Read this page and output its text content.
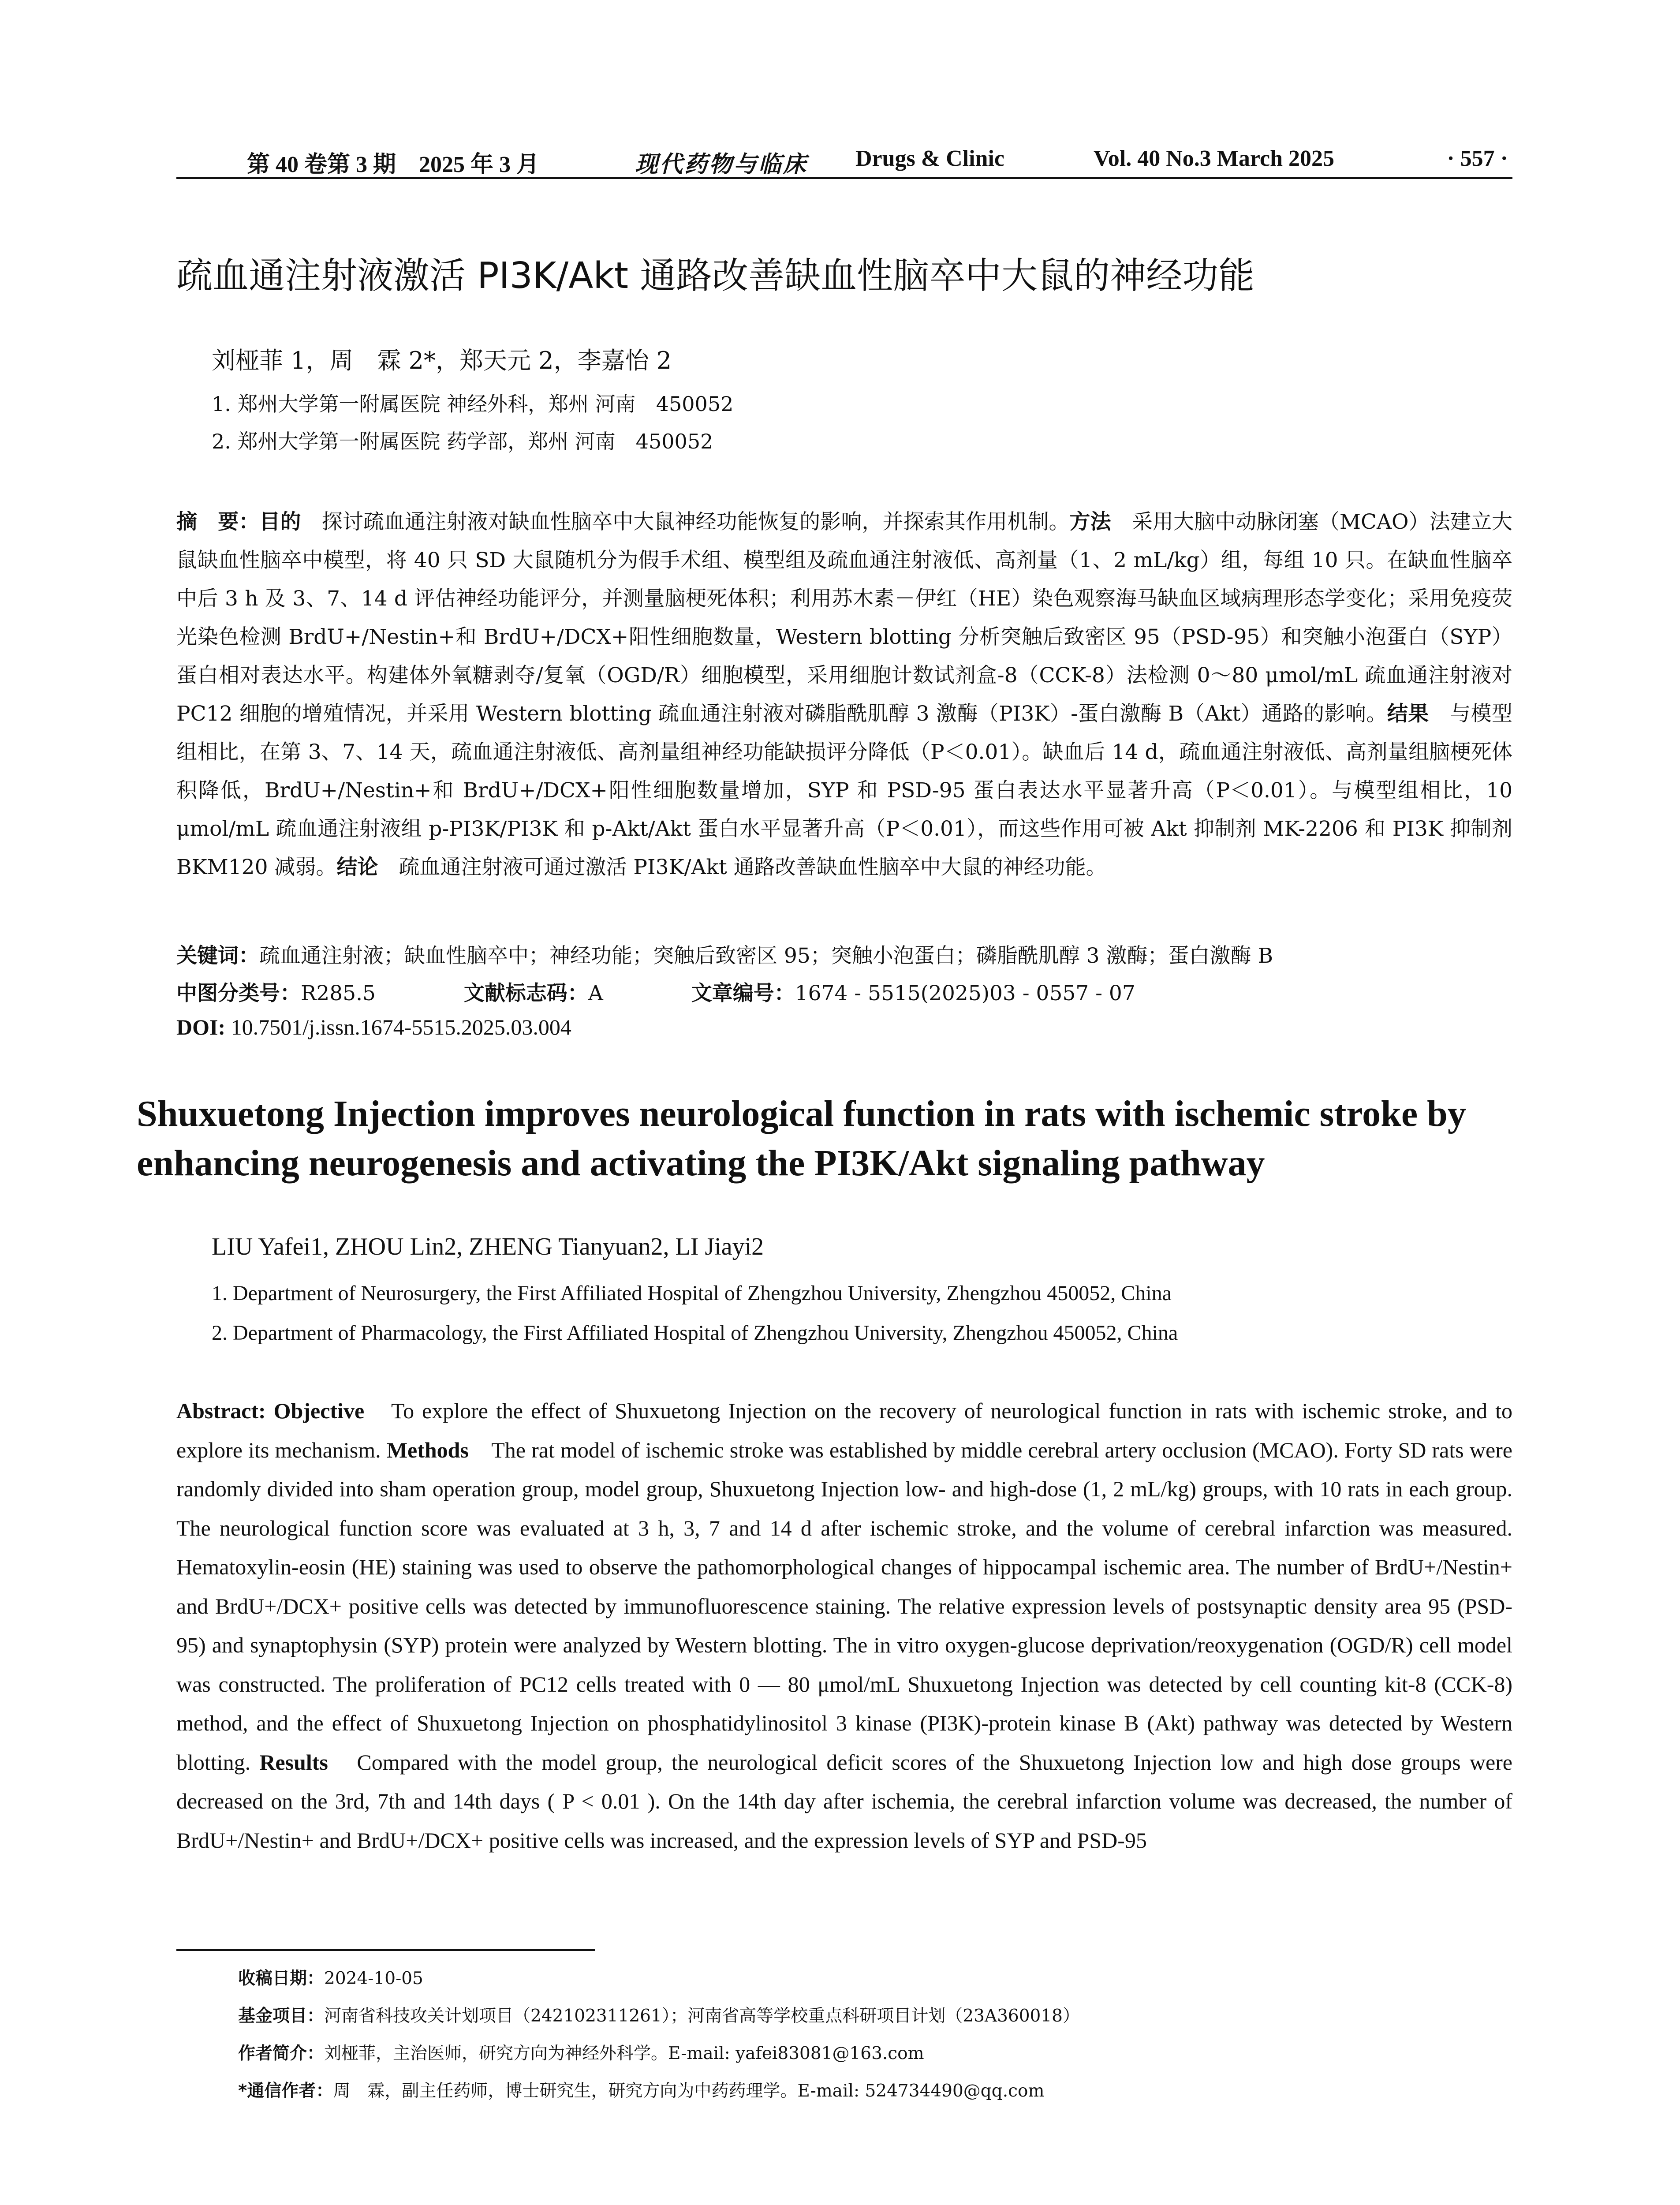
第 40 卷第 3 期　2025 年 3 月	现代药物与临床 Drugs & Clinic	Vol. 40 No.3 March 2025	· 557 ·
疏血通注射液激活 PI3K/Akt 通路改善缺血性脑卒中大鼠的神经功能
刘桠菲 1，周　霖 2*，郑天元 2，李嘉怡 2
1. 郑州大学第一附属医院 神经外科，郑州 河南　450052
2. 郑州大学第一附属医院 药学部，郑州 河南　450052
摘　要：目的　探讨疏血通注射液对缺血性脑卒中大鼠神经功能恢复的影响，并探索其作用机制。方法　采用大脑中动脉闭塞（MCAO）法建立大鼠缺血性脑卒中模型，将 40 只 SD 大鼠随机分为假手术组、模型组及疏血通注射液低、高剂量（1、2 mL/kg）组，每组 10 只。在缺血性脑卒中后 3 h 及 3、7、14 d 评估神经功能评分，并测量脑梗死体积；利用苏木素－伊红（HE）染色观察海马缺血区域病理形态学变化；采用免疫荧光染色检测 BrdU+/Nestin+和 BrdU+/DCX+阳性细胞数量，Western blotting 分析突触后致密区 95（PSD-95）和突触小泡蛋白（SYP）蛋白相对表达水平。构建体外氧糖剥夺/复氧（OGD/R）细胞模型，采用细胞计数试剂盒-8（CCK-8）法检测 0～80 μmol/mL 疏血通注射液对 PC12 细胞的增殖情况，并采用 Western blotting 疏血通注射液对磷脂酰肌醇 3 激酶（PI3K）-蛋白激酶 B（Akt）通路的影响。结果　与模型组相比，在第 3、7、14 天，疏血通注射液低、高剂量组神经功能缺损评分降低（P＜0.01）。缺血后 14 d，疏血通注射液低、高剂量组脑梗死体积降低，BrdU+/Nestin+和 BrdU+/DCX+阳性细胞数量增加，SYP 和 PSD-95 蛋白表达水平显著升高（P＜0.01）。与模型组相比，10 μmol/mL 疏血通注射液组 p-PI3K/PI3K 和 p-Akt/Akt 蛋白水平显著升高（P＜0.01），而这些作用可被 Akt 抑制剂 MK-2206 和 PI3K 抑制剂 BKM120 减弱。结论　疏血通注射液可通过激活 PI3K/Akt 通路改善缺血性脑卒中大鼠的神经功能。
关键词：疏血通注射液；缺血性脑卒中；神经功能；突触后致密区 95；突触小泡蛋白；磷脂酰肌醇 3 激酶；蛋白激酶 B
中图分类号：R285.5	文献标志码：A	文章编号：1674 - 5515(2025)03 - 0557 - 07
DOI: 10.7501/j.issn.1674-5515.2025.03.004
Shuxuetong Injection improves neurological function in rats with ischemic stroke by enhancing neurogenesis and activating the PI3K/Akt signaling pathway
LIU Yafei1, ZHOU Lin2, ZHENG Tianyuan2, LI Jiayi2
1. Department of Neurosurgery, the First Affiliated Hospital of Zhengzhou University, Zhengzhou 450052, China
2. Department of Pharmacology, the First Affiliated Hospital of Zhengzhou University, Zhengzhou 450052, China
Abstract: Objective　To explore the effect of Shuxuetong Injection on the recovery of neurological function in rats with ischemic stroke, and to explore its mechanism. Methods　The rat model of ischemic stroke was established by middle cerebral artery occlusion (MCAO). Forty SD rats were randomly divided into sham operation group, model group, Shuxuetong Injection low- and high-dose (1, 2 mL/kg) groups, with 10 rats in each group. The neurological function score was evaluated at 3 h, 3, 7 and 14 d after ischemic stroke, and the volume of cerebral infarction was measured. Hematoxylin-eosin (HE) staining was used to observe the pathomorphological changes of hippocampal ischemic area. The number of BrdU+/Nestin+ and BrdU+/DCX+ positive cells was detected by immunofluorescence staining. The relative expression levels of postsynaptic density area 95 (PSD-95) and synaptophysin (SYP) protein were analyzed by Western blotting. The in vitro oxygen-glucose deprivation/reoxygenation (OGD/R) cell model was constructed. The proliferation of PC12 cells treated with 0 — 80 μmol/mL Shuxuetong Injection was detected by cell counting kit-8 (CCK-8) method, and the effect of Shuxuetong Injection on phosphatidylinositol 3 kinase (PI3K)-protein kinase B (Akt) pathway was detected by Western blotting. Results　Compared with the model group, the neurological deficit scores of the Shuxuetong Injection low and high dose groups were decreased on the 3rd, 7th and 14th days ( P < 0.01 ). On the 14th day after ischemia, the cerebral infarction volume was decreased, the number of BrdU+/Nestin+ and BrdU+/DCX+ positive cells was increased, and the expression levels of SYP and PSD-95
收稿日期：2024-10-05
基金项目：河南省科技攻关计划项目（242102311261）；河南省高等学校重点科研项目计划（23A360018）
作者简介：刘桠菲，主治医师，研究方向为神经外科学。E-mail: yafei83081@163.com
*通信作者：周　霖，副主任药师，博士研究生，研究方向为中药药理学。E-mail: 524734490@qq.com
